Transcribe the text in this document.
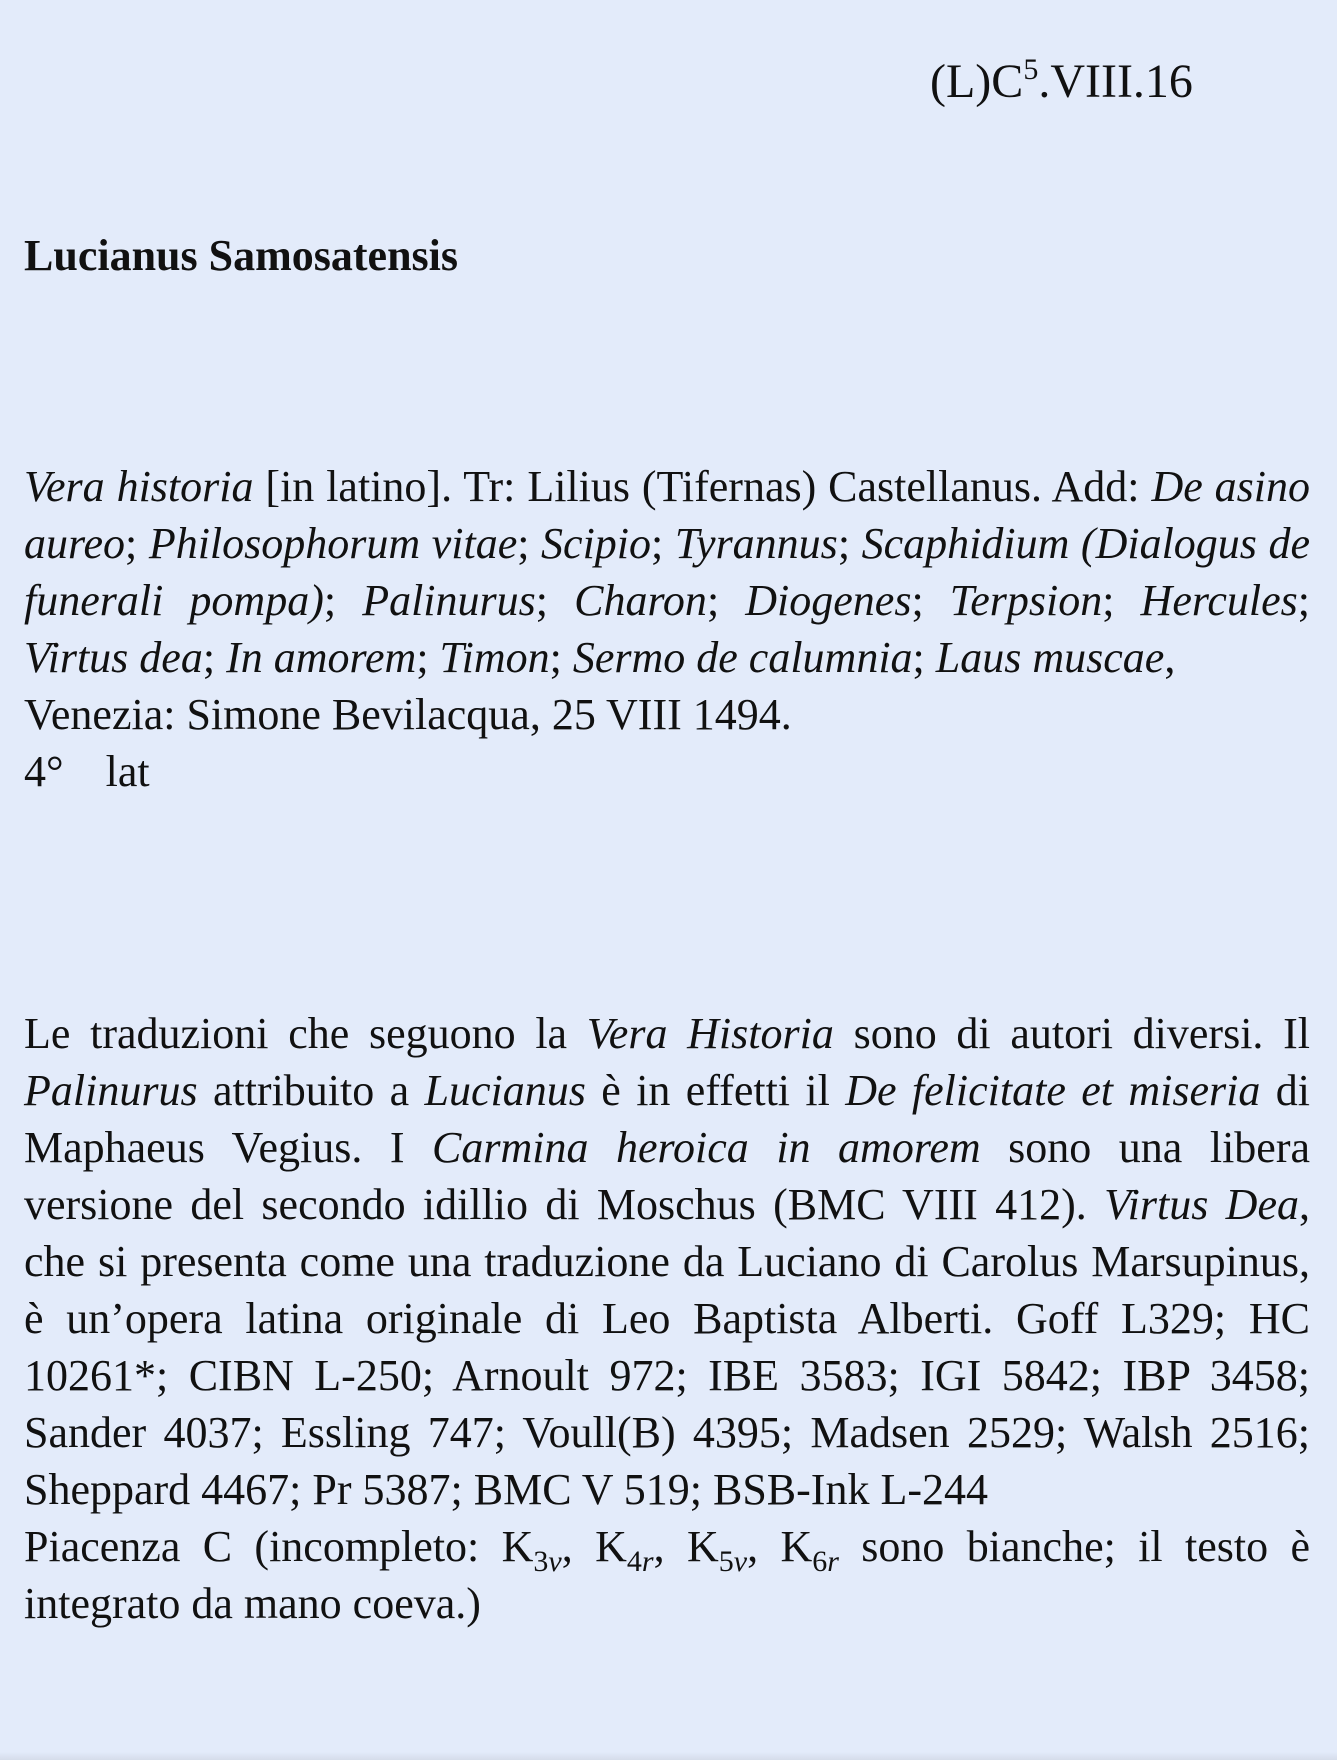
$(L)C^5.VIII.16$
Lucianus Samosatensis

Vera historia [in latino]. Tr: Lilius (Tifernas) Castellanus. Add: De asino aureo; Philosophorum vitae; Scipio; Tyrannus; Scaphidium (Dialogus de funerali pompa); Palinurus; Charon; Diogenes; Terpsion; Hercules; Virtus dea; In amorem; Timon; Sermo de calumnia; Laus muscae,

Venezia: Simone Bevilacqua, 25 VIII 1494.

4° lat

Le traduzioni che seguono la Vera Historia sono di autori diversi. Il Palinurus attribuito a Lucianus è in effetti il De felicitate et miseria di Maphaeus Vegius. I Carmina heroica in amorem sono una libera versione del secondo idillio di Moschus (BMC VIII 412). Virtus Dea, che si presenta come una traduzione da Luciano di Carolus Marsupinus, è un’opera latina originale di Leo Baptista Alberti. Goff L329; HC 10261*; CIBN L-250; Arnoult 972; IBE 3583; IGI 5842; IBP 3458; Sander 4037; Essling 747; Voull(B) 4395; Madsen 2529; Walsh 2516; Sheppard 4467; Pr 5387; BMC V 519; BSB-Ink L-244

Piacenza C (incompleto: $K_{3v}$, $K_{4r}$, $K_{5v}$, $K_{6r}$ sono bianche; il testo è integrato da mano coeva.)
